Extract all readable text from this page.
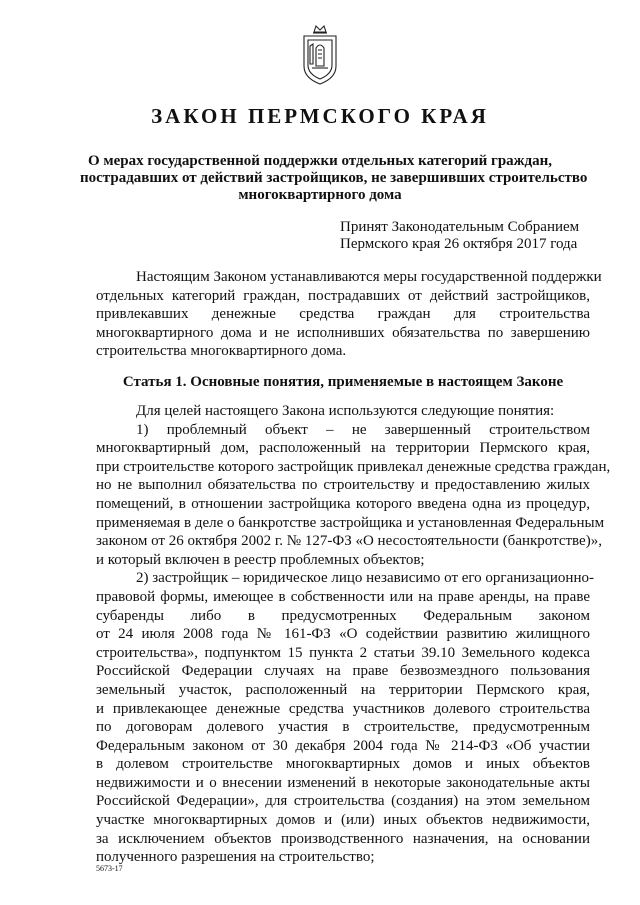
ЗАКОН ПЕРМСКОГО КРАЯ
О мерах государственной поддержки отдельных категорий граждан,
пострадавших от действий застройщиков, не завершивших строительство
многоквартирного дома
Принят Законодательным Собранием
Пермского края 26 октября 2017 года
Настоящим Законом устанавливаются меры государственной поддержки
отдельных категорий граждан, пострадавших от действий застройщиков,
привлекавших денежные средства граждан для строительства
многоквартирного дома и не исполнивших обязательства по завершению
строительства многоквартирного дома.
Статья 1. Основные понятия, применяемые в настоящем Законе
Для целей настоящего Закона используются следующие понятия:
1) проблемный объект – не завершенный строительством
многоквартирный дом, расположенный на территории Пермского края,
при строительстве которого застройщик привлекал денежные средства граждан,
но не выполнил обязательства по строительству и предоставлению жилых
помещений, в отношении застройщика которого введена одна из процедур,
применяемая в деле о банкротстве застройщика и установленная Федеральным
законом от 26 октября 2002 г. № 127-ФЗ «О несостоятельности (банкротстве)»,
и который включен в реестр проблемных объектов;
2) застройщик – юридическое лицо независимо от его организационно-
правовой формы, имеющее в собственности или на праве аренды, на праве
субаренды либо в предусмотренных Федеральным законом
от 24 июля 2008 года № 161-ФЗ «О содействии развитию жилищного
строительства», подпунктом 15 пункта 2 статьи 39.10 Земельного кодекса
Российской Федерации случаях на праве безвозмездного пользования
земельный участок, расположенный на территории Пермского края,
и привлекающее денежные средства участников долевого строительства
по договорам долевого участия в строительстве, предусмотренным
Федеральным законом от 30 декабря 2004 года № 214-ФЗ «Об участии
в долевом строительстве многоквартирных домов и иных объектов
недвижимости и о внесении изменений в некоторые законодательные акты
Российской Федерации», для строительства (создания) на этом земельном
участке многоквартирных домов и (или) иных объектов недвижимости,
за исключением объектов производственного назначения, на основании
полученного разрешения на строительство;

5673-17
